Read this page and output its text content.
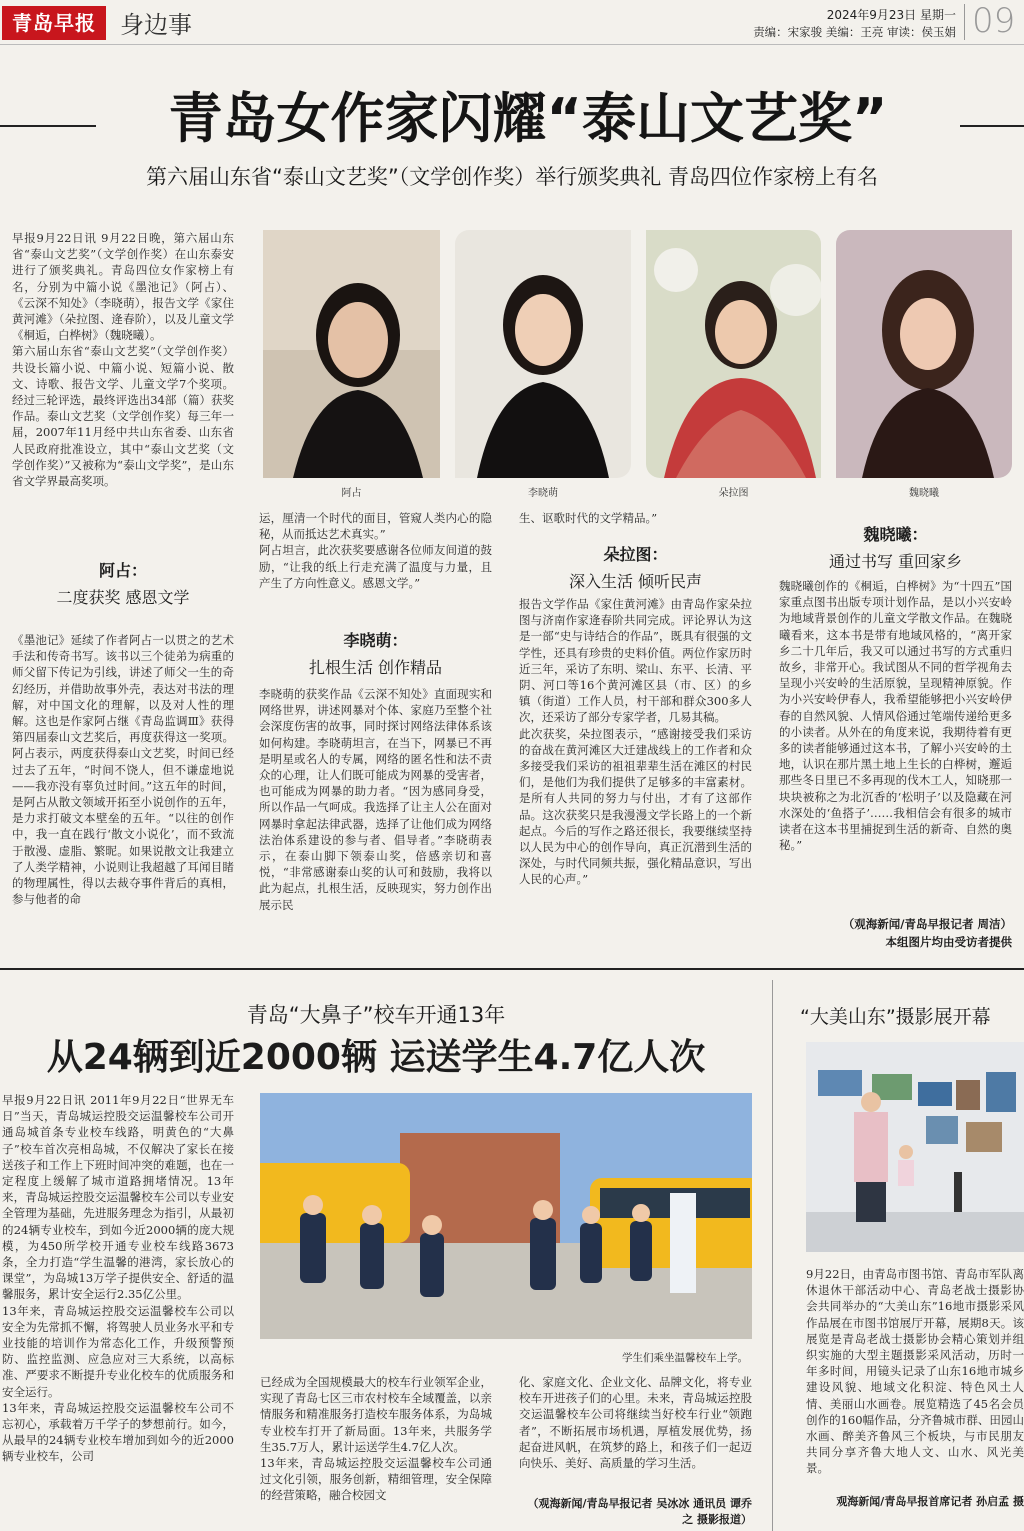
青岛早报	身边事	2024年9月23日 星期一
责编：宋家骏 美编：王亮 审读：侯玉娟 09
青岛女作家闪耀“泰山文艺奖”
第六届山东省“泰山文艺奖”（文学创作奖）举行颁奖典礼 青岛四位作家榜上有名
早报9月22日讯 9月22日晚，第六届山东省“泰山文艺奖”（文学创作奖）在山东泰安进行了颁奖典礼。青岛四位女作家榜上有名，分别为中篇小说《墨池记》（阿占）、《云深不知处》（李晓萌），报告文学《家住黄河滩》（朵拉图、逄春阶），以及儿童文学《桐逅，白桦树》（魏晓曦）。
第六届山东省“泰山文艺奖”（文学创作奖）共设长篇小说、中篇小说、短篇小说、散文、诗歌、报告文学、儿童文学7个奖项。经过三轮评选，最终评选出34部（篇）获奖作品。泰山文艺奖（文学创作奖）每三年一届，2007年11月经中共山东省委、山东省人民政府批准设立，其中“泰山文艺奖（文学创作奖）”又被称为“泰山文学奖”，是山东省文学界最高奖项。
阿占：
二度获奖 感恩文学
《墨池记》延续了作者阿占一以贯之的艺术手法和传奇书写。该书以三个徒弟为病重的师父留下传记为引线，讲述了师父一生的奇幻经历，并借助故事外壳，表达对书法的理解，对中国文化的理解，以及对人性的理解。这也是作家阿占继《青岛监调Ⅲ》获得第四届泰山文艺奖后，再度获得这一奖项。阿占表示，两度获得泰山文艺奖，时间已经过去了五年，“时间不饶人，但不谦虚地说——我亦没有辜负过时间。”这五年的时间，是阿占从散文领域开拓至小说创作的五年，是力求打破文本壁垒的五年。“以往的创作中，我一直在践行‘散文小说化’，而不致流于散漫、虚脂、繁昵。如果说散文让我建立了人类学精神，小说则让我超越了耳闻目睹的物理属性，得以去裁夺事件背后的真相，参与他者的命
阿占	李晓萌	朵拉图	魏晓曦
运，厘清一个时代的面目，管窥人类内心的隐秘，从而抵达艺术真实。”
阿占坦言，此次获奖要感谢各位师友间道的鼓励，“让我的纸上行走充满了温度与力量，且产生了方向性意义。感恩文学。”
李晓萌：
扎根生活 创作精品
李晓萌的获奖作品《云深不知处》直面现实和网络世界，讲述网暴对个体、家庭乃至整个社会深度伤害的故事，同时探讨网络法律体系该如何构建。李晓萌坦言，在当下，网暴已不再是明星或名人的专属，网络的匿名性和法不责众的心理，让人们既可能成为网暴的受害者，也可能成为网暴的助力者。“因为感同身受，所以作品一气呵成。我选择了让主人公在面对网暴时拿起法律武器，选择了让他们成为网络法治体系建设的参与者、倡导者。”李晓萌表示，在泰山脚下领泰山奖，倍感亲切和喜悦，“非常感谢泰山奖的认可和鼓励，我将以此为起点，扎根生活，反映现实，努力创作出展示民
生、讴歌时代的文学精品。”
朵拉图：
深入生活 倾听民声
报告文学作品《家住黄河滩》由青岛作家朵拉图与济南作家逄春阶共同完成。评论界认为这是一部“史与诗结合的作品”，既具有很强的文学性，还具有珍贵的史料价值。两位作家历时近三年，采访了东明、梁山、东平、长清、平阴、河口等16个黄河滩区县（市、区）的乡镇（街道）工作人员，村干部和群众300多人次，还采访了部分专家学者，几易其稿。
此次获奖，朵拉图表示，“感谢接受我们采访的奋战在黄河滩区大迁建战线上的工作者和众多接受我们采访的祖祖辈辈生活在滩区的村民们，是他们为我们提供了足够多的丰富素材。是所有人共同的努力与付出，才有了这部作品。这次获奖只是我漫漫文学长路上的一个新起点。今后的写作之路还很长，我要继续坚持以人民为中心的创作导向，真正沉潜到生活的深处，与时代同频共振，强化精品意识，写出人民的心声。”
魏晓曦：
通过书写 重回家乡
魏晓曦创作的《桐逅，白桦树》为“十四五”国家重点图书出版专项计划作品，是以小兴安岭为地域背景创作的儿童文学散文作品。在魏晓曦看来，这本书是带有地域风格的，“离开家乡二十几年后，我又可以通过书写的方式重归故乡，非常开心。我试图从不同的哲学视角去呈现小兴安岭的生活原貌，呈现精神原貌。作为小兴安岭伊春人，我希望能够把小兴安岭伊春的自然风貌、人情风俗通过笔端传递给更多的小读者。从外在的角度来说，我期待着有更多的读者能够通过这本书，了解小兴安岭的土地，认识在那片黑土地上生长的白桦树，邂逅那些冬日里已不多再现的伐木工人，知晓那一块块被称之为北沉香的‘松明子’以及隐藏在河水深处的‘鱼搭子’……我相信会有很多的城市读者在这本书里捕捉到生活的新奇、自然的奥秘。”
（观海新闻/青岛早报记者 周洁）
本组图片均由受访者提供
青岛“大鼻子”校车开通13年
从24辆到近2000辆 运送学生4.7亿人次
早报9月22日讯 2011年9月22日“世界无车日”当天，青岛城运控股交运温馨校车公司开通岛城首条专业校车线路，明黄色的“大鼻子”校车首次亮相岛城，不仅解决了家长在接送孩子和工作上下班时间冲突的难题，也在一定程度上缓解了城市道路拥堵情况。13年来，青岛城运控股交运温馨校车公司以专业安全管理为基础，先进服务理念为指引，从最初的24辆专业校车，到如今近2000辆的庞大规模，为450所学校开通专业校车线路3673条，全力打造“学生温馨的港湾，家长放心的课堂”，为岛城13万学子提供安全、舒适的温馨服务，累计安全运行2.35亿公里。
13年来，青岛城运控股交运温馨校车公司以安全为先常抓不懈，将驾驶人员业务水平和专业技能的培训作为常态化工作，升级预警预防、监控监测、应急应对三大系统，以高标准、严要求不断提升专业化校车的优质服务和安全运行。
13年来，青岛城运控股交运温馨校车公司不忘初心，承载着万千学子的梦想前行。如今，从最早的24辆专业校车增加到如今的近2000辆专业校车，公司
学生们乘坐温馨校车上学。
已经成为全国规模最大的校车行业领军企业，实现了青岛七区三市农村校车全域覆盖，以亲情服务和精准服务打造校车服务体系，为岛城专业校车打开了新局面。13年来，共服务学生35.7万人，累计运送学生4.7亿人次。
13年来，青岛城运控股交运温馨校车公司通过文化引领，服务创新，精细管理，安全保障的经营策略，融合校园文
化、家庭文化、企业文化、品牌文化，将专业校车开进孩子们的心里。未来，青岛城运控股交运温馨校车公司将继续当好校车行业“领跑者”，不断拓展市场机遇，厚植发展优势，扬起奋进风帆，在筑梦的路上，和孩子们一起迈向快乐、美好、高质量的学习生活。
（观海新闻/青岛早报记者 吴冰冰 通讯员 谭乔之 摄影报道）
“大美山东”摄影展开幕
9月22日，由青岛市图书馆、青岛市军队离休退休干部活动中心、青岛老战士摄影协会共同举办的“大美山东”16地市摄影采风作品展在市图书馆展厅开幕，展期8天。该展览是青岛老战士摄影协会精心策划并组织实施的大型主题摄影采风活动，历时一年多时间，用镜头记录了山东16地市城乡建设风貌、地域文化积淀、特色风土人情、美丽山水画卷。展览精选了45名会员创作的160幅作品，分齐鲁城市群、田园山水画、醉美齐鲁风三个板块，与市民朋友共同分享齐鲁大地人文、山水、风光美景。
观海新闻/青岛早报首席记者 孙启孟 摄
